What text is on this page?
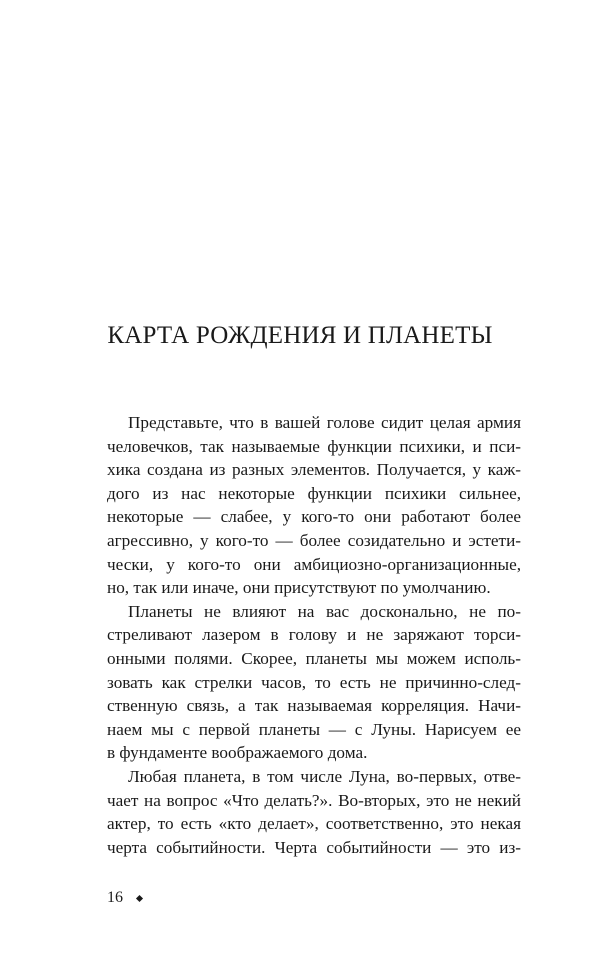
КАРТА РОЖДЕНИЯ И ПЛАНЕТЫ
Представьте, что в вашей голове сидит целая армия
человечков, так называемые функции психики, и пси-
хика создана из разных элементов. Получается, у каж-
дого из нас некоторые функции психики сильнее,
некоторые — слабее, у кого-то они работают более
агрессивно, у кого-то — более созидательно и эстети-
чески, у кого-то они амбициозно-организационные,
но, так или иначе, они присутствуют по умолчанию.
Планеты не влияют на вас досконально, не по-
стреливают лазером в голову и не заряжают торси-
онными полями. Скорее, планеты мы можем исполь-
зовать как стрелки часов, то есть не причинно-след-
ственную связь, а так называемая корреляция. Начи-
наем мы с первой планеты — с Луны. Нарисуем ее
в фундаменте воображаемого дома.
Любая планета, в том числе Луна, во-первых, отве-
чает на вопрос «Что делать?». Во-вторых, это не некий
актер, то есть «кто делает», соответственно, это некая
черта событийности. Черта событийности — это из-
16
